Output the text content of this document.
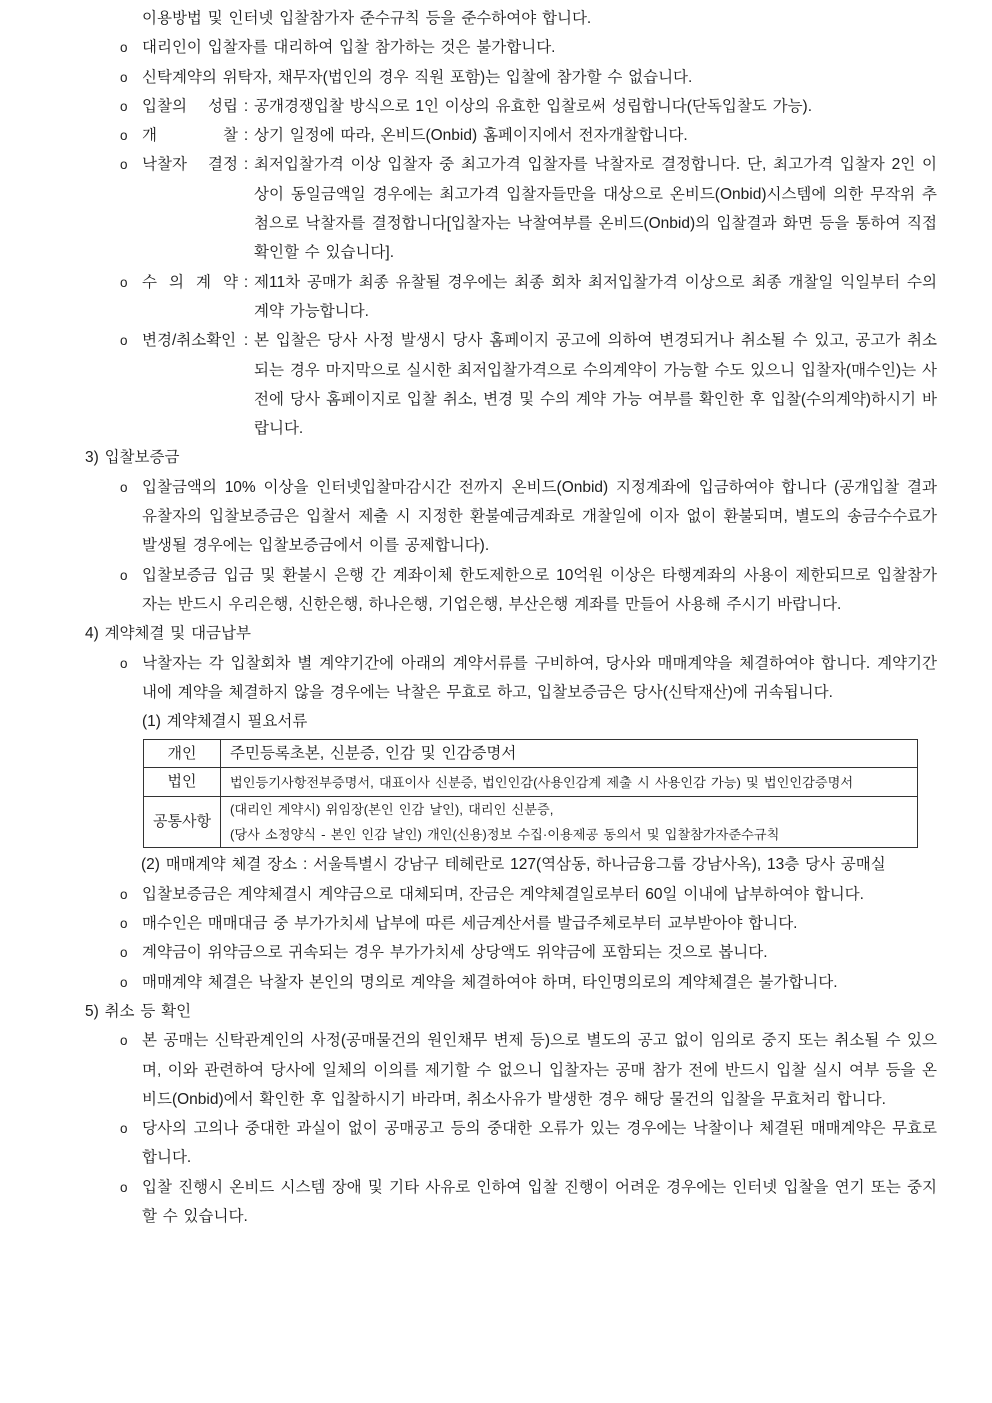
이용방법 및 인터넷 입찰참가자 준수규칙 등을 준수하여야 합니다.
o 대리인이 입찰자를 대리하여 입찰 참가하는 것은 불가합니다.
o 신탁계약의 위탁자, 채무자(법인의 경우 직원 포함)는 입찰에 참가할 수 없습니다.
o 입찰의 성립 : 공개경쟁입찰 방식으로 1인 이상의 유효한 입찰로써 성립합니다(단독입찰도 가능).
o 개 찰 : 상기 일정에 따라, 온비드(Onbid) 홈페이지에서 전자개찰합니다.
o 낙찰자 결정 : 최저입찰가격 이상 입찰자 중 최고가격 입찰자를 낙찰자로 결정합니다. 단, 최고가격 입찰자 2인 이상이 동일금액일 경우에는 최고가격 입찰자들만을 대상으로 온비드(Onbid)시스템에 의한 무작위 추첨으로 낙찰자를 결정합니다[입찰자는 낙찰여부를 온비드(Onbid)의 입찰결과 화면 등을 통하여 직접 확인할 수 있습니다].
o 수 의 계 약 : 제11차 공매가 최종 유찰될 경우에는 최종 회차 최저입찰가격 이상으로 최종 개찰일 익일부터 수의계약 가능합니다.
o 변경/취소확인 : 본 입찰은 당사 사정 발생시 당사 홈페이지 공고에 의하여 변경되거나 취소될 수 있고, 공고가 취소되는 경우 마지막으로 실시한 최저입찰가격으로 수의계약이 가능할 수도 있으니 입찰자(매수인)는 사전에 당사 홈페이지로 입찰 취소, 변경 및 수의 계약 가능 여부를 확인한 후 입찰(수의계약)하시기 바랍니다.
3) 입찰보증금
o 입찰금액의 10% 이상을 인터넷입찰마감시간 전까지 온비드(Onbid) 지정계좌에 입금하여야 합니다 (공개입찰 결과 유찰자의 입찰보증금은 입찰서 제출 시 지정한 환불예금계좌로 개찰일에 이자 없이 환불되며, 별도의 송금수수료가 발생될 경우에는 입찰보증금에서 이를 공제합니다).
o 입찰보증금 입금 및 환불시 은행 간 계좌이체 한도제한으로 10억원 이상은 타행계좌의 사용이 제한되므로 입찰참가자는 반드시 우리은행, 신한은행, 하나은행, 기업은행, 부산은행 계좌를 만들어 사용해 주시기 바랍니다.
4) 계약체결 및 대금납부
o 낙찰자는 각 입찰회차 별 계약기간에 아래의 계약서류를 구비하여, 당사와 매매계약을 체결하여야 합니다. 계약기간 내에 계약을 체결하지 않을 경우에는 낙찰은 무효로 하고, 입찰보증금은 당사(신탁재산)에 귀속됩니다.
(1) 계약체결시 필요서류
개인	주민등록초본, 신분증, 인감 및 인감증명서

법인	법인등기사항전부증명서, 대표이사 신분증, 법인인감(사용인감계 제출 시 사용인감 가능) 및 법인인감증명서

공통사항	(대리인 계약시) 위임장(본인 인감 날인), 대리인 신분증,
(당사 소정양식 - 본인 인감 날인) 개인(신용)정보 수집·이용제공 동의서 및 입찰참가자준수규칙
(2) 매매계약 체결 장소 : 서울특별시 강남구 테헤란로 127(역삼동, 하나금융그룹 강남사옥), 13층 당사 공매실
o 입찰보증금은 계약체결시 계약금으로 대체되며, 잔금은 계약체결일로부터 60일 이내에 납부하여야 합니다.
o 매수인은 매매대금 중 부가가치세 납부에 따른 세금계산서를 발급주체로부터 교부받아야 합니다.
o 계약금이 위약금으로 귀속되는 경우 부가가치세 상당액도 위약금에 포함되는 것으로 봅니다.
o 매매계약 체결은 낙찰자 본인의 명의로 계약을 체결하여야 하며, 타인명의로의 계약체결은 불가합니다.
5) 취소 등 확인
o 본 공매는 신탁관계인의 사정(공매물건의 원인채무 변제 등)으로 별도의 공고 없이 임의로 중지 또는 취소될 수 있으며, 이와 관련하여 당사에 일체의 이의를 제기할 수 없으니 입찰자는 공매 참가 전에 반드시 입찰 실시 여부 등을 온비드(Onbid)에서 확인한 후 입찰하시기 바라며, 취소사유가 발생한 경우 해당 물건의 입찰을 무효처리 합니다.
o 당사의 고의나 중대한 과실이 없이 공매공고 등의 중대한 오류가 있는 경우에는 낙찰이나 체결된 매매계약은 무효로 합니다.
o 입찰 진행시 온비드 시스템 장애 및 기타 사유로 인하여 입찰 진행이 어려운 경우에는 인터넷 입찰을 연기 또는 중지할 수 있습니다.
